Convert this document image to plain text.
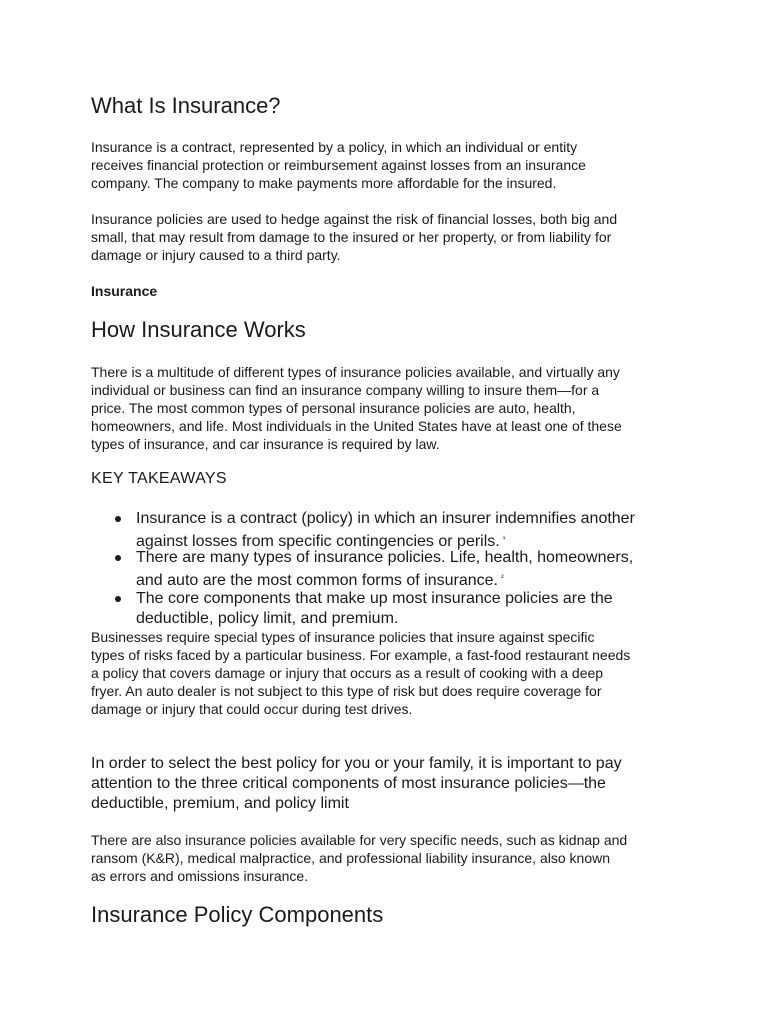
What Is Insurance?

Insurance is a contract, represented by a policy, in which an individual or entity
receives financial protection or reimbursement against losses from an insurance
company. The company to make payments more affordable for the insured.

Insurance policies are used to hedge against the risk of financial losses, both big and
small, that may result from damage to the insured or her property, or from liability for
damage or injury caused to a third party.

Insurance

How Insurance Works

There is a multitude of different types of insurance policies available, and virtually any
individual or business can find an insurance company willing to insure them—for a
price. The most common types of personal insurance policies are auto, health,
homeowners, and life. Most individuals in the United States have at least one of these
types of insurance, and car insurance is required by law.

KEY TAKEAWAYS

Insurance is a contract (policy) in which an insurer indemnifies another
against losses from specific contingencies or perils. $^{^1}$
There are many types of insurance policies. Life, health, homeowners,
and auto are the most common forms of insurance. $^{^2}$
The core components that make up most insurance policies are the
deductible, policy limit, and premium.

Businesses require special types of insurance policies that insure against specific
types of risks faced by a particular business. For example, a fast-food restaurant needs
a policy that covers damage or injury that occurs as a result of cooking with a deep
fryer. An auto dealer is not subject to this type of risk but does require coverage for
damage or injury that could occur during test drives.

In order to select the best policy for you or your family, it is important to pay
attention to the three critical components of most insurance policies—the
deductible, premium, and policy limit

There are also insurance policies available for very specific needs, such as kidnap and
ransom (K&R), medical malpractice, and professional liability insurance, also known
as errors and omissions insurance.

Insurance Policy Components
